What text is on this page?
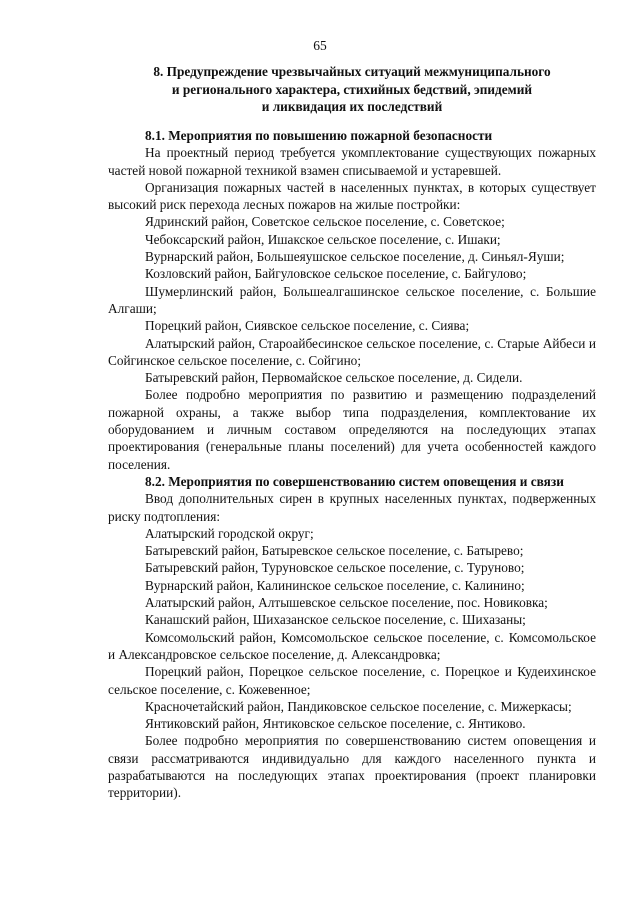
65
8. Предупреждение чрезвычайных ситуаций межмуниципального
и регионального характера, стихийных бедствий, эпидемий
и ликвидация их последствий
8.1. Мероприятия по повышению пожарной безопасности

На проектный период требуется укомплектование существующих пожарных частей новой пожарной техникой взамен списываемой и устаревшей.

Организация пожарных частей в населенных пунктах, в которых существует высокий риск перехода лесных пожаров на жилые постройки:

Ядринский район, Советское сельское поселение, с. Советское;

Чебоксарский район, Ишакское сельское поселение, с. Ишаки;

Вурнарский район, Большеяушское сельское поселение, д. Синьял-Яуши;

Козловский район, Байгуловское сельское поселение, с. Байгулово;

Шумерлинский район, Большеалгашинское сельское поселение, с. Большие Алгаши;

Порецкий район, Сиявское сельское поселение, с. Сиява;

Алатырский район, Староайбесинское сельское поселение, с. Старые Айбеси и Сойгинское сельское поселение, с. Сойгино;

Батыревский район, Первомайское сельское поселение, д. Сидели.

Более подробно мероприятия по развитию и размещению подразделений пожарной охраны, а также выбор типа подразделения, комплектование их оборудованием и личным составом определяются на последующих этапах проектирования (генеральные планы поселений) для учета особенностей каждого поселения.

8.2. Мероприятия по совершенствованию систем оповещения и связи

Ввод дополнительных сирен в крупных населенных пунктах, подверженных риску подтопления:

Алатырский городской округ;

Батыревский район, Батыревское сельское поселение, с. Батырево;

Батыревский район, Туруновское сельское поселение, с. Туруново;

Вурнарский район, Калининское сельское поселение, с. Калинино;

Алатырский район, Алтышевское сельское поселение, пос. Новиковка;

Канашский район, Шихазанское сельское поселение, с. Шихазаны;

Комсомольский район, Комсомольское сельское поселение, с. Комсомольское и Александровское сельское поселение, д. Александровка;

Порецкий район, Порецкое сельское поселение, с. Порецкое и Кудеихинское сельское поселение, с. Кожевенное;

Красночетайский район, Пандиковское сельское поселение, с. Мижеркасы;

Янтиковский район, Янтиковское сельское поселение, с. Янтиково.

Более подробно мероприятия по совершенствованию систем оповещения и связи рассматриваются индивидуально для каждого населенного пункта и разрабатываются на последующих этапах проектирования (проект планировки территории).
